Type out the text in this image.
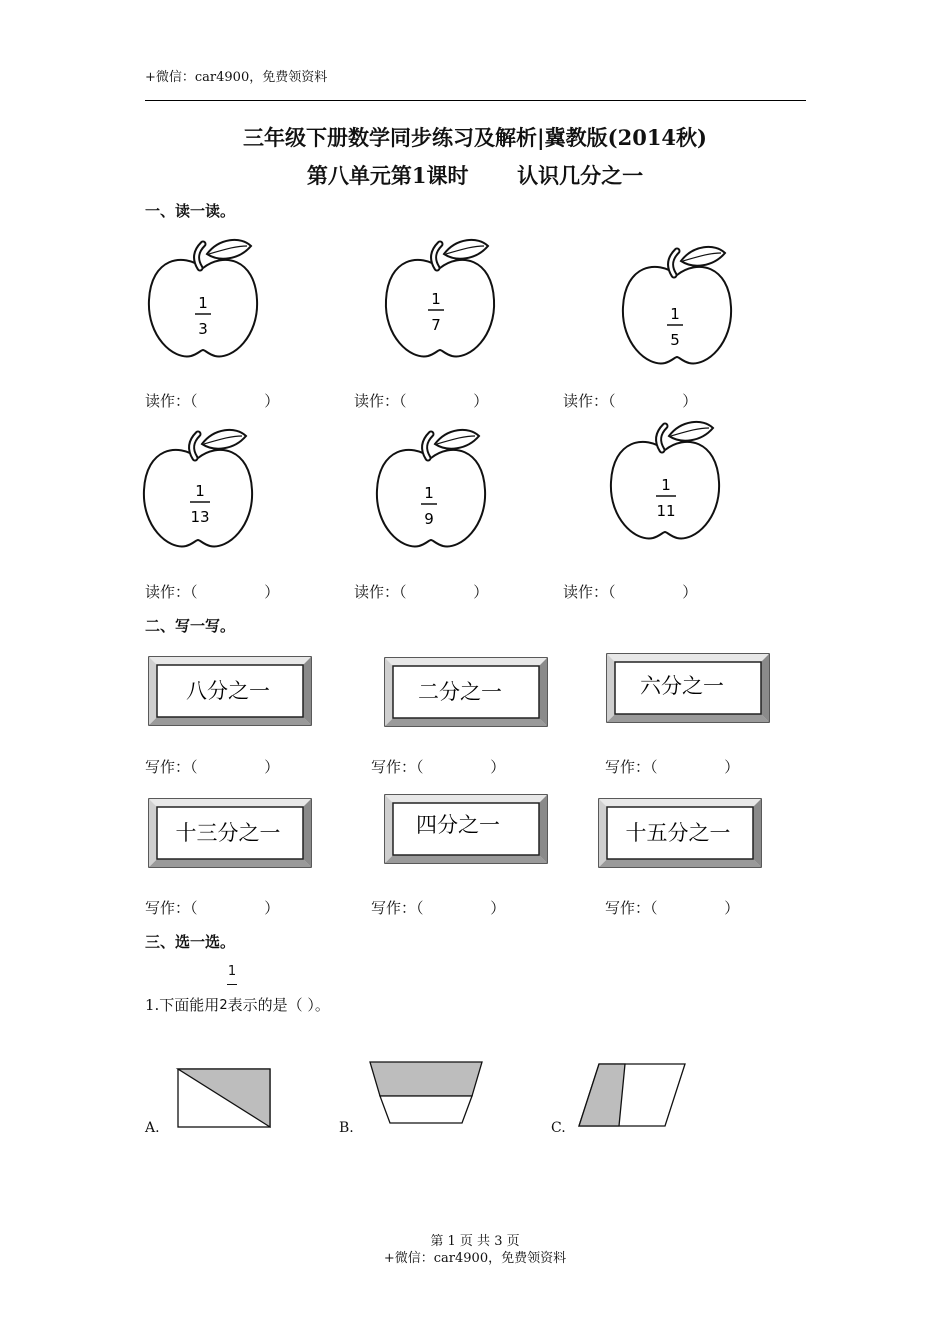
+微信：car4900，免费领资料
三年级下册数学同步练习及解析|冀教版(2014秋)
第八单元第1课时 认识几分之一
一、读一读。
1
3
1
7
1
5
读作：（              ）	读作：（              ）	读作：（              ）
1
13
1
9
1
11
读作：（              ）	读作：（              ）	读作：（              ）
二、写一写。
八分之一	二分之一	六分之一
写作：（              ）	写作：（              ）	写作：（              ）
十三分之一	四分之一	十五分之一
写作：（              ）	写作：（              ）	写作：（              ）
三、选一选。
1
1.下面能用2表示的是（ ）。
A.	B.	C.
第 1 页 共 3 页
+微信：car4900，免费领资料
